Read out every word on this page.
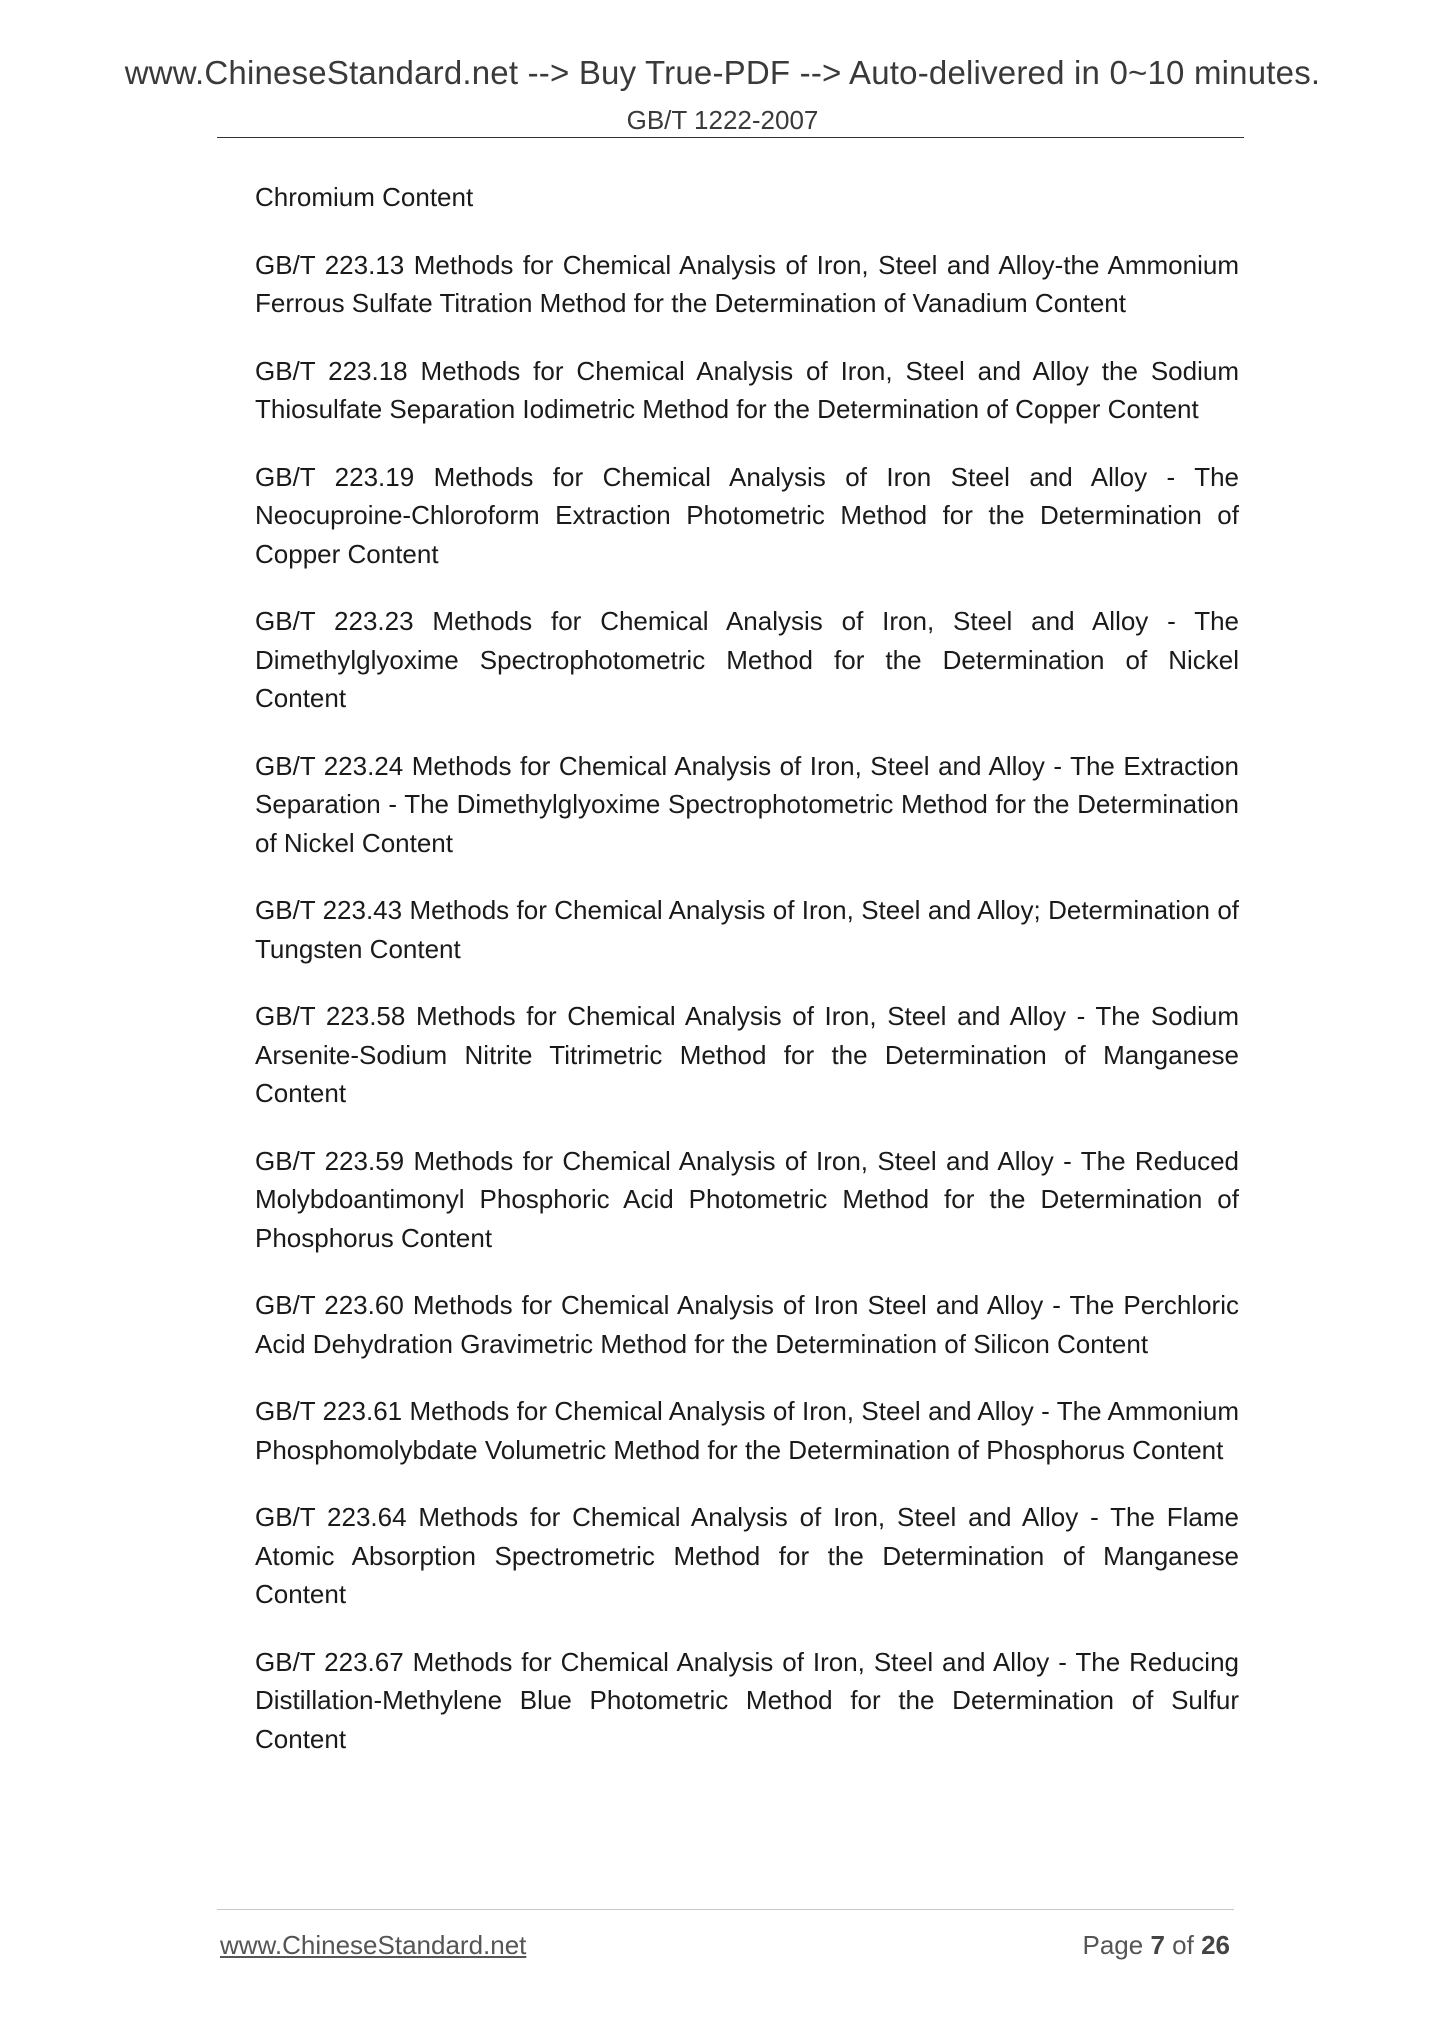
www.ChineseStandard.net --> Buy True-PDF --> Auto-delivered in 0~10 minutes.
GB/T 1222-2007

Chromium Content

GB/T 223.13 Methods for Chemical Analysis of Iron, Steel and Alloy-the Ammonium Ferrous Sulfate Titration Method for the Determination of Vanadium Content

GB/T 223.18 Methods for Chemical Analysis of Iron, Steel and Alloy the Sodium Thiosulfate Separation Iodimetric Method for the Determination of Copper Content

GB/T 223.19 Methods for Chemical Analysis of Iron Steel and Alloy - The Neocuproine-Chloroform Extraction Photometric Method for the Determination of Copper Content

GB/T 223.23 Methods for Chemical Analysis of Iron, Steel and Alloy - The Dimethylglyoxime Spectrophotometric Method for the Determination of Nickel Content

GB/T 223.24 Methods for Chemical Analysis of Iron, Steel and Alloy - The Extraction Separation - The Dimethylglyoxime Spectrophotometric Method for the Determination of Nickel Content

GB/T 223.43 Methods for Chemical Analysis of Iron, Steel and Alloy; Determination of Tungsten Content

GB/T 223.58 Methods for Chemical Analysis of Iron, Steel and Alloy - The Sodium Arsenite-Sodium Nitrite Titrimetric Method for the Determination of Manganese Content

GB/T 223.59 Methods for Chemical Analysis of Iron, Steel and Alloy - The Reduced Molybdoantimonyl Phosphoric Acid Photometric Method for the Determination of Phosphorus Content

GB/T 223.60 Methods for Chemical Analysis of Iron Steel and Alloy - The Perchloric Acid Dehydration Gravimetric Method for the Determination of Silicon Content

GB/T 223.61 Methods for Chemical Analysis of Iron, Steel and Alloy - The Ammonium Phosphomolybdate Volumetric Method for the Determination of Phosphorus Content

GB/T 223.64 Methods for Chemical Analysis of Iron, Steel and Alloy - The Flame Atomic Absorption Spectrometric Method for the Determination of Manganese Content

GB/T 223.67 Methods for Chemical Analysis of Iron, Steel and Alloy - The Reducing Distillation-Methylene Blue Photometric Method for the Determination of Sulfur Content

www.ChineseStandard.net	Page 7 of 26
